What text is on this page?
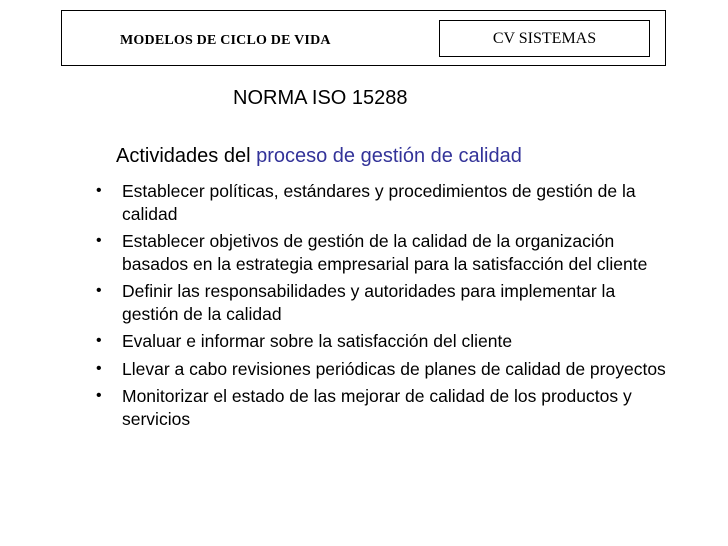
MODELOS DE CICLO DE VIDA	CV SISTEMAS
NORMA ISO 15288
Actividades del proceso de gestión de calidad
• Establecer políticas, estándares y procedimientos de gestión de la calidad
• Establecer objetivos de gestión de la calidad de la organización basados en la estrategia empresarial para la satisfacción del cliente
• Definir las responsabilidades y autoridades para implementar la gestión de la calidad
• Evaluar e informar sobre la satisfacción del cliente
• Llevar a cabo revisiones periódicas de planes de calidad de proyectos
• Monitorizar el estado de las mejorar de calidad de los productos y servicios
